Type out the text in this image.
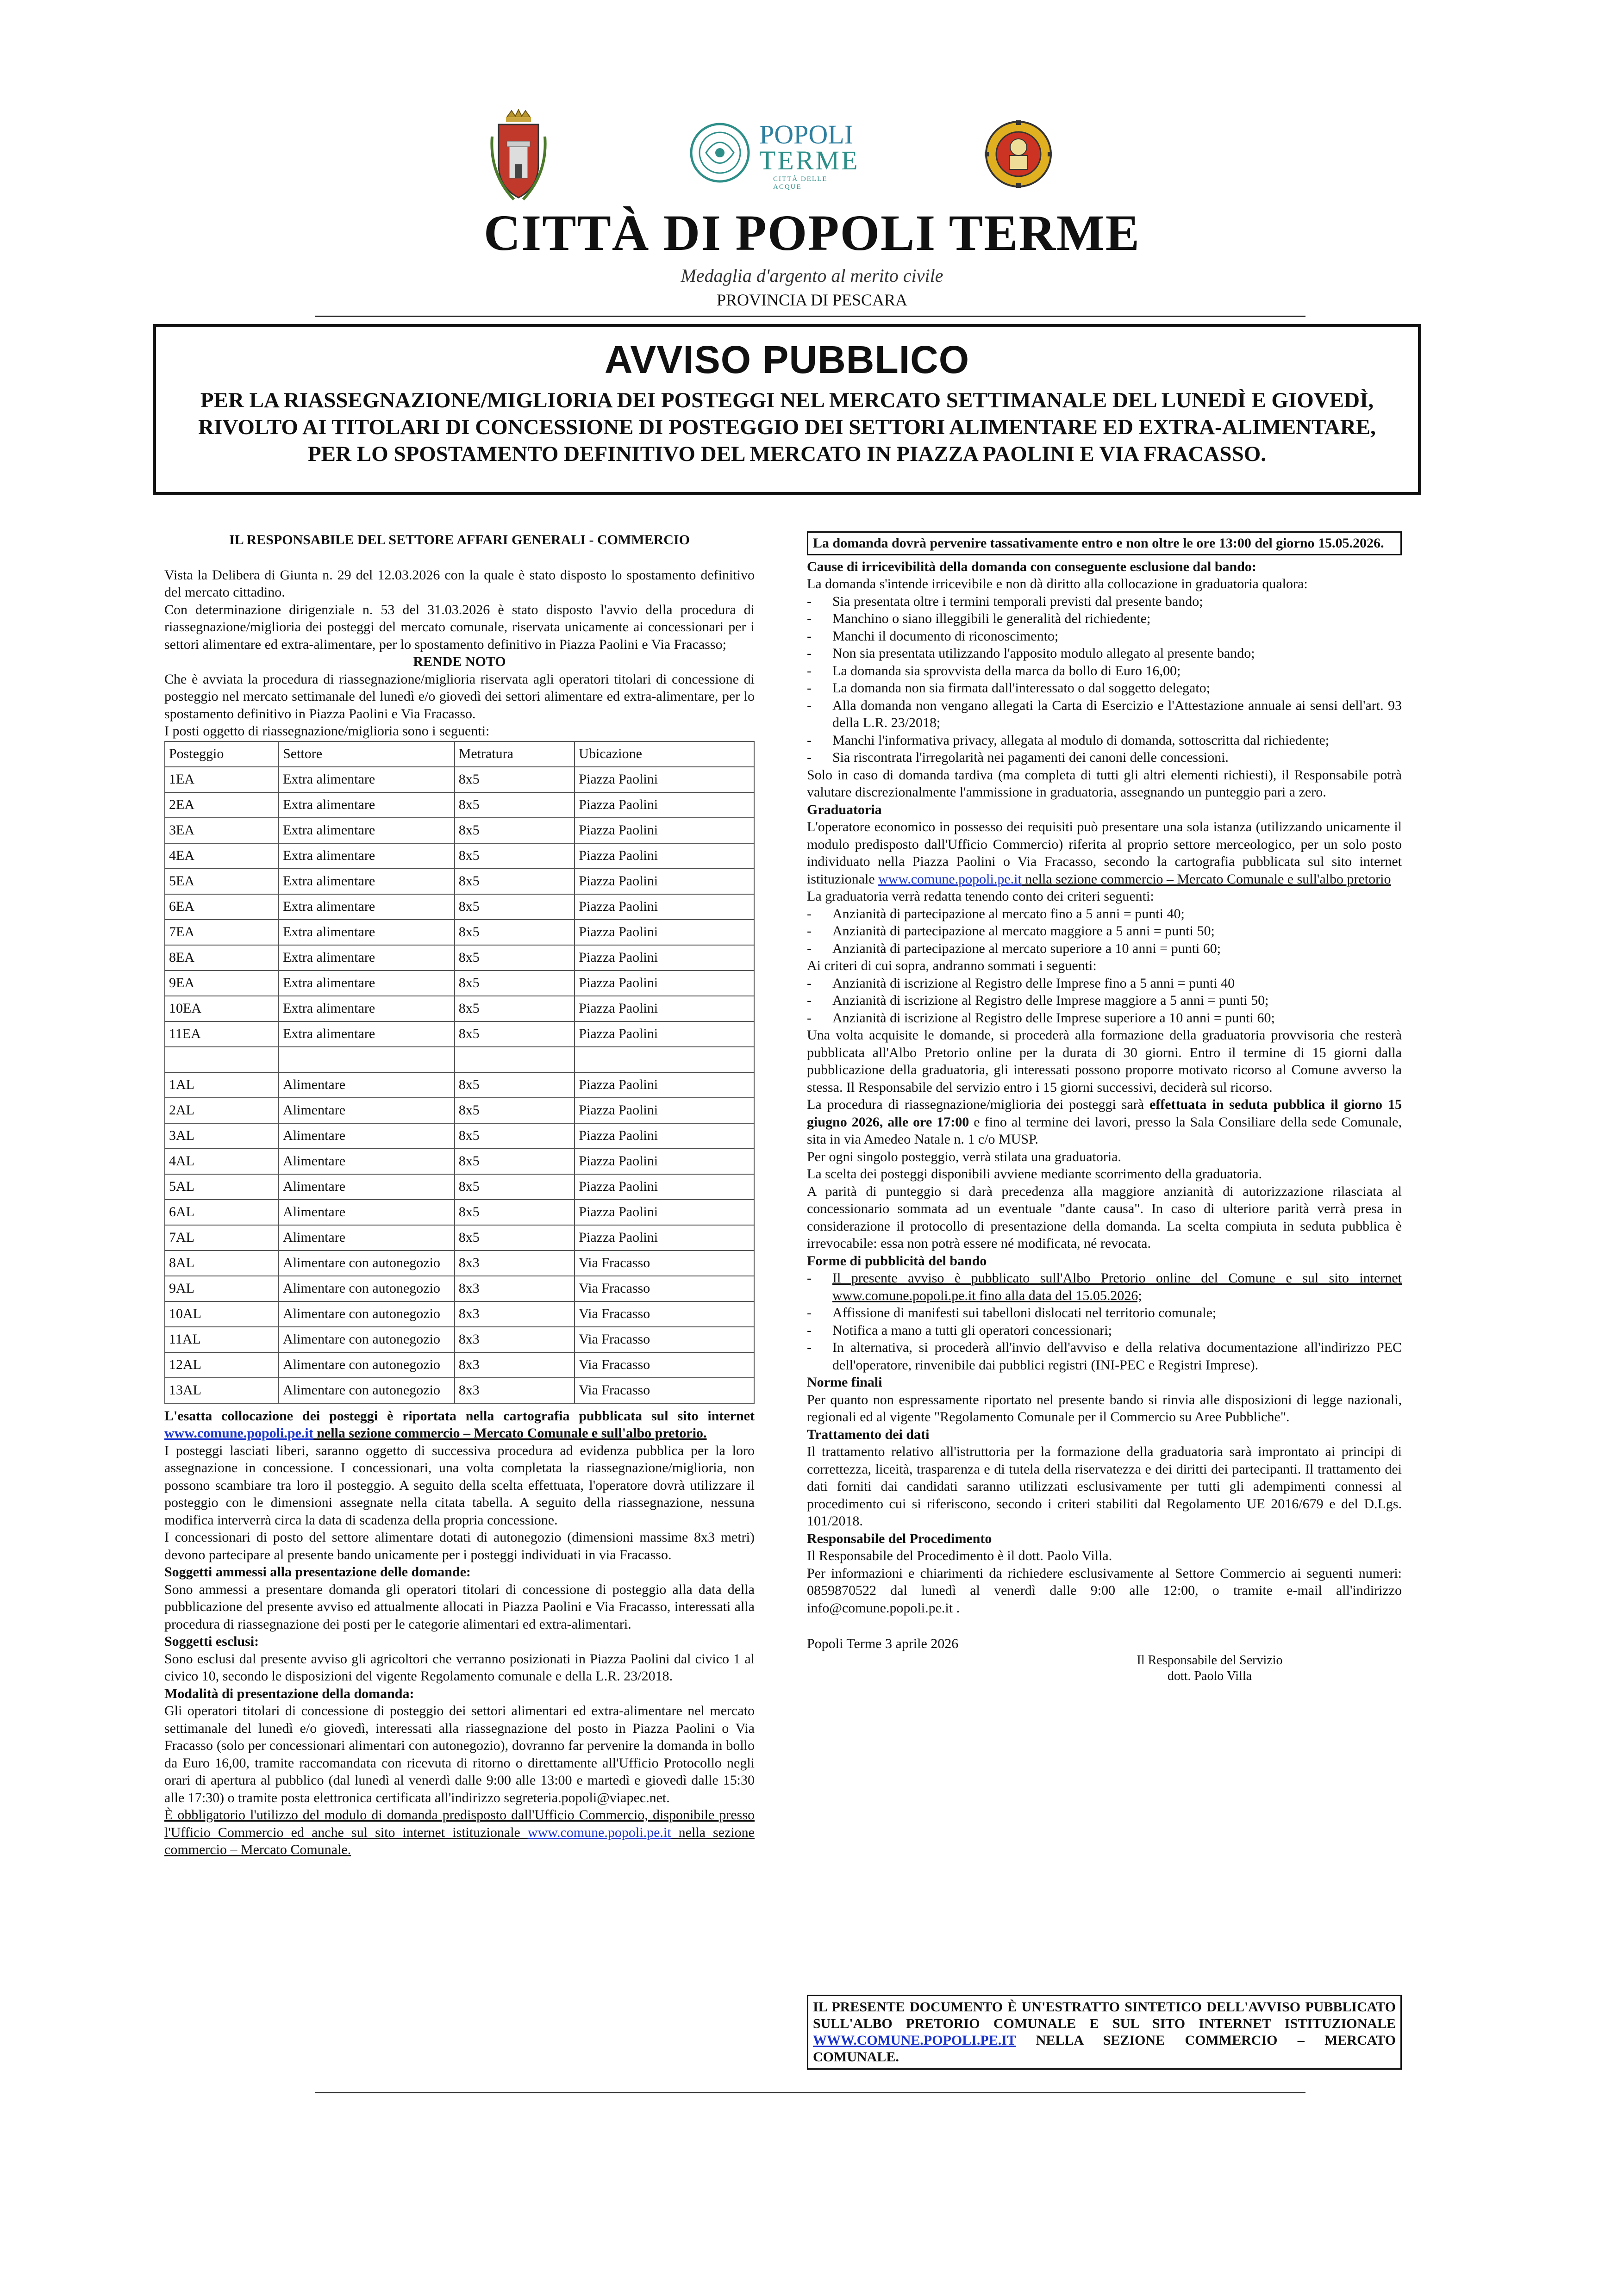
POPOLI
TERME
CITTÀ DELLE ACQUE
CITTÀ DI POPOLI TERME
Medaglia d'argento al merito civile
PROVINCIA DI PESCARA
AVVISO PUBBLICO
PER LA RIASSEGNAZIONE/MIGLIORIA DEI POSTEGGI NEL MERCATO SETTIMANALE DEL LUNEDÌ E GIOVEDÌ, RIVOLTO AI TITOLARI DI CONCESSIONE DI POSTEGGIO DEI SETTORI ALIMENTARE ED EXTRA-ALIMENTARE, PER LO SPOSTAMENTO DEFINITIVO DEL MERCATO IN PIAZZA PAOLINI E VIA FRACASSO.

IL RESPONSABILE DEL SETTORE AFFARI GENERALI - COMMERCIO

Vista la Delibera di Giunta n. 29 del 12.03.2026 con la quale è stato disposto lo spostamento definitivo del mercato cittadino.

Con determinazione dirigenziale n. 53 del 31.03.2026 è stato disposto l'avvio della procedura di riassegnazione/miglioria dei posteggi del mercato comunale, riservata unicamente ai concessionari per i settori alimentare ed extra-alimentare, per lo spostamento definitivo in Piazza Paolini e Via Fracasso;

RENDE NOTO

Che è avviata la procedura di riassegnazione/miglioria riservata agli operatori titolari di concessione di posteggio nel mercato settimanale del lunedì e/o giovedì dei settori alimentare ed extra-alimentare, per lo spostamento definitivo in Piazza Paolini e Via Fracasso.

I posti oggetto di riassegnazione/miglioria sono i seguenti:

Posteggio	Settore	Metratura	Ubicazione
1EA	Extra alimentare	8x5	Piazza Paolini
2EA	Extra alimentare	8x5	Piazza Paolini
3EA	Extra alimentare	8x5	Piazza Paolini
4EA	Extra alimentare	8x5	Piazza Paolini
5EA	Extra alimentare	8x5	Piazza Paolini
6EA	Extra alimentare	8x5	Piazza Paolini
7EA	Extra alimentare	8x5	Piazza Paolini
8EA	Extra alimentare	8x5	Piazza Paolini
9EA	Extra alimentare	8x5	Piazza Paolini
10EA	Extra alimentare	8x5	Piazza Paolini
11EA	Extra alimentare	8x5	Piazza Paolini

1AL	Alimentare	8x5	Piazza Paolini
2AL	Alimentare	8x5	Piazza Paolini
3AL	Alimentare	8x5	Piazza Paolini
4AL	Alimentare	8x5	Piazza Paolini
5AL	Alimentare	8x5	Piazza Paolini
6AL	Alimentare	8x5	Piazza Paolini
7AL	Alimentare	8x5	Piazza Paolini
8AL	Alimentare con autonegozio	8x3	Via Fracasso
9AL	Alimentare con autonegozio	8x3	Via Fracasso
10AL	Alimentare con autonegozio	8x3	Via Fracasso
11AL	Alimentare con autonegozio	8x3	Via Fracasso
12AL	Alimentare con autonegozio	8x3	Via Fracasso
13AL	Alimentare con autonegozio	8x3	Via Fracasso

L'esatta collocazione dei posteggi è riportata nella cartografia pubblicata sul sito internet www.comune.popoli.pe.it nella sezione commercio – Mercato Comunale e sull'albo pretorio.

I posteggi lasciati liberi, saranno oggetto di successiva procedura ad evidenza pubblica per la loro assegnazione in concessione. I concessionari, una volta completata la riassegnazione/miglioria, non possono scambiare tra loro il posteggio. A seguito della scelta effettuata, l'operatore dovrà utilizzare il posteggio con le dimensioni assegnate nella citata tabella. A seguito della riassegnazione, nessuna modifica interverrà circa la data di scadenza della propria concessione.

I concessionari di posto del settore alimentare dotati di autonegozio (dimensioni massime 8x3 metri) devono partecipare al presente bando unicamente per i posteggi individuati in via Fracasso.

Soggetti ammessi alla presentazione delle domande:

Sono ammessi a presentare domanda gli operatori titolari di concessione di posteggio alla data della pubblicazione del presente avviso ed attualmente allocati in Piazza Paolini e Via Fracasso, interessati alla procedura di riassegnazione dei posti per le categorie alimentari ed extra-alimentari.

Soggetti esclusi:

Sono esclusi dal presente avviso gli agricoltori che verranno posizionati in Piazza Paolini dal civico 1 al civico 10, secondo le disposizioni del vigente Regolamento comunale e della L.R. 23/2018.

Modalità di presentazione della domanda:

Gli operatori titolari di concessione di posteggio dei settori alimentari ed extra-alimentare nel mercato settimanale del lunedì e/o giovedì, interessati alla riassegnazione del posto in Piazza Paolini o Via Fracasso (solo per concessionari alimentari con autonegozio), dovranno far pervenire la domanda in bollo da Euro 16,00, tramite raccomandata con ricevuta di ritorno o direttamente all'Ufficio Protocollo negli orari di apertura al pubblico (dal lunedì al venerdì dalle 9:00 alle 13:00 e martedì e giovedì dalle 15:30 alle 17:30) o tramite posta elettronica certificata all'indirizzo segreteria.popoli@viapec.net.

È obbligatorio l'utilizzo del modulo di domanda predisposto dall'Ufficio Commercio, disponibile presso l'Ufficio Commercio ed anche sul sito internet istituzionale www.comune.popoli.pe.it nella sezione commercio – Mercato Comunale.

La domanda dovrà pervenire tassativamente entro e non oltre le ore 13:00 del giorno 15.05.2026.

Cause di irricevibilità della domanda con conseguente esclusione dal bando:

La domanda s'intende irricevibile e non dà diritto alla collocazione in graduatoria qualora:

- Sia presentata oltre i termini temporali previsti dal presente bando;
- Manchino o siano illeggibili le generalità del richiedente;
- Manchi il documento di riconoscimento;
- Non sia presentata utilizzando l'apposito modulo allegato al presente bando;
- La domanda sia sprovvista della marca da bollo di Euro 16,00;
- La domanda non sia firmata dall'interessato o dal soggetto delegato;
- Alla domanda non vengano allegati la Carta di Esercizio e l'Attestazione annuale ai sensi dell'art. 93 della L.R. 23/2018;
- Manchi l'informativa privacy, allegata al modulo di domanda, sottoscritta dal richiedente;
- Sia riscontrata l'irregolarità nei pagamenti dei canoni delle concessioni.

Solo in caso di domanda tardiva (ma completa di tutti gli altri elementi richiesti), il Responsabile potrà valutare discrezionalmente l'ammissione in graduatoria, assegnando un punteggio pari a zero.

Graduatoria

L'operatore economico in possesso dei requisiti può presentare una sola istanza (utilizzando unicamente il modulo predisposto dall'Ufficio Commercio) riferita al proprio settore merceologico, per un solo posto individuato nella Piazza Paolini o Via Fracasso, secondo la cartografia pubblicata sul sito internet istituzionale www.comune.popoli.pe.it nella sezione commercio – Mercato Comunale e sull'albo pretorio

La graduatoria verrà redatta tenendo conto dei criteri seguenti:

- Anzianità di partecipazione al mercato fino a 5 anni = punti 40;
- Anzianità di partecipazione al mercato maggiore a 5 anni = punti 50;
- Anzianità di partecipazione al mercato superiore a 10 anni = punti 60;

Ai criteri di cui sopra, andranno sommati i seguenti:

- Anzianità di iscrizione al Registro delle Imprese fino a 5 anni = punti 40
- Anzianità di iscrizione al Registro delle Imprese maggiore a 5 anni = punti 50;
- Anzianità di iscrizione al Registro delle Imprese superiore a 10 anni = punti 60;

Una volta acquisite le domande, si procederà alla formazione della graduatoria provvisoria che resterà pubblicata all'Albo Pretorio online per la durata di 30 giorni. Entro il termine di 15 giorni dalla pubblicazione della graduatoria, gli interessati possono proporre motivato ricorso al Comune avverso la stessa. Il Responsabile del servizio entro i 15 giorni successivi, deciderà sul ricorso.

La procedura di riassegnazione/miglioria dei posteggi sarà effettuata in seduta pubblica il giorno 15 giugno 2026, alle ore 17:00 e fino al termine dei lavori, presso la Sala Consiliare della sede Comunale, sita in via Amedeo Natale n. 1 c/o MUSP.

Per ogni singolo posteggio, verrà stilata una graduatoria.

La scelta dei posteggi disponibili avviene mediante scorrimento della graduatoria.

A parità di punteggio si darà precedenza alla maggiore anzianità di autorizzazione rilasciata al concessionario sommata ad un eventuale "dante causa". In caso di ulteriore parità verrà presa in considerazione il protocollo di presentazione della domanda. La scelta compiuta in seduta pubblica è irrevocabile: essa non potrà essere né modificata, né revocata.

Forme di pubblicità del bando

- Il presente avviso è pubblicato sull'Albo Pretorio online del Comune e sul sito internet www.comune.popoli.pe.it fino alla data del 15.05.2026;
- Affissione di manifesti sui tabelloni dislocati nel territorio comunale;
- Notifica a mano a tutti gli operatori concessionari;
- In alternativa, si procederà all'invio dell'avviso e della relativa documentazione all'indirizzo PEC dell'operatore, rinvenibile dai pubblici registri (INI-PEC e Registri Imprese).

Norme finali

Per quanto non espressamente riportato nel presente bando si rinvia alle disposizioni di legge nazionali, regionali ed al vigente "Regolamento Comunale per il Commercio su Aree Pubbliche".

Trattamento dei dati

Il trattamento relativo all'istruttoria per la formazione della graduatoria sarà improntato ai principi di correttezza, liceità, trasparenza e di tutela della riservatezza e dei diritti dei partecipanti. Il trattamento dei dati forniti dai candidati saranno utilizzati esclusivamente per tutti gli adempimenti connessi al procedimento cui si riferiscono, secondo i criteri stabiliti dal Regolamento UE 2016/679 e del D.Lgs. 101/2018.

Responsabile del Procedimento

Il Responsabile del Procedimento è il dott. Paolo Villa.

Per informazioni e chiarimenti da richiedere esclusivamente al Settore Commercio ai seguenti numeri: 0859870522 dal lunedì al venerdì dalle 9:00 alle 12:00, o tramite e-mail all'indirizzo info@comune.popoli.pe.it .

Popoli Terme 3 aprile 2026

Il Responsabile del Servizio

dott. Paolo Villa

IL PRESENTE DOCUMENTO È UN'ESTRATTO SINTETICO DELL'AVVISO PUBBLICATO SULL'ALBO PRETORIO COMUNALE E SUL SITO INTERNET ISTITUZIONALE WWW.COMUNE.POPOLI.PE.IT NELLA SEZIONE COMMERCIO – MERCATO COMUNALE.
